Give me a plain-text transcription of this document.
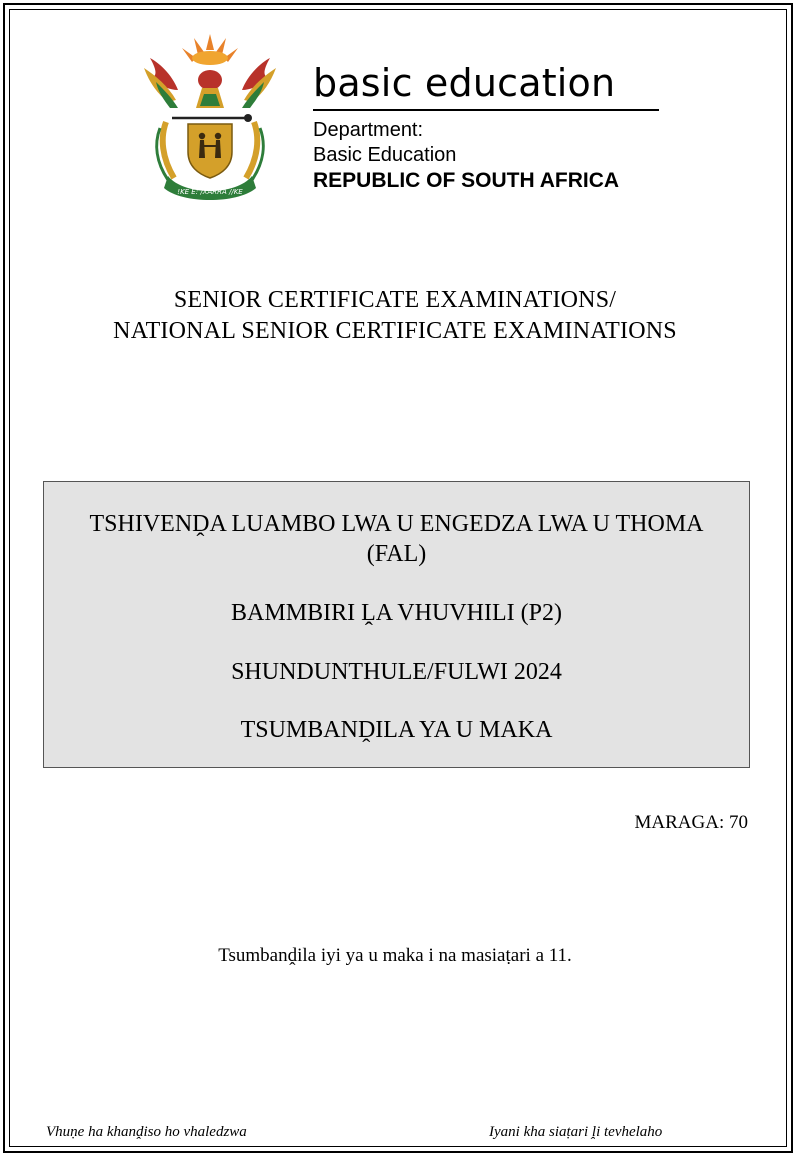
!KE E: /XARRA //KE
basic education
Department:
Basic Education
REPUBLIC OF SOUTH AFRICA
SENIOR CERTIFICATE EXAMINATIONS/
NATIONAL SENIOR CERTIFICATE EXAMINATIONS
TSHIVENḒA LUAMBO LWA U ENGEDZA LWA U THOMA
(FAL)
BAMMBIRI ḼA VHUVHILI (P2)
SHUNDUNTHULE/FULWI 2024
TSUMBANḒILA YA U MAKA
MARAGA: 70
Tsumbanḓila iyi ya u maka i na masiaṭari a 11.
Vhuṇe ha khanḓiso ho vhaledzwa	Iyani kha siaṭari ḽi tevhelaho
